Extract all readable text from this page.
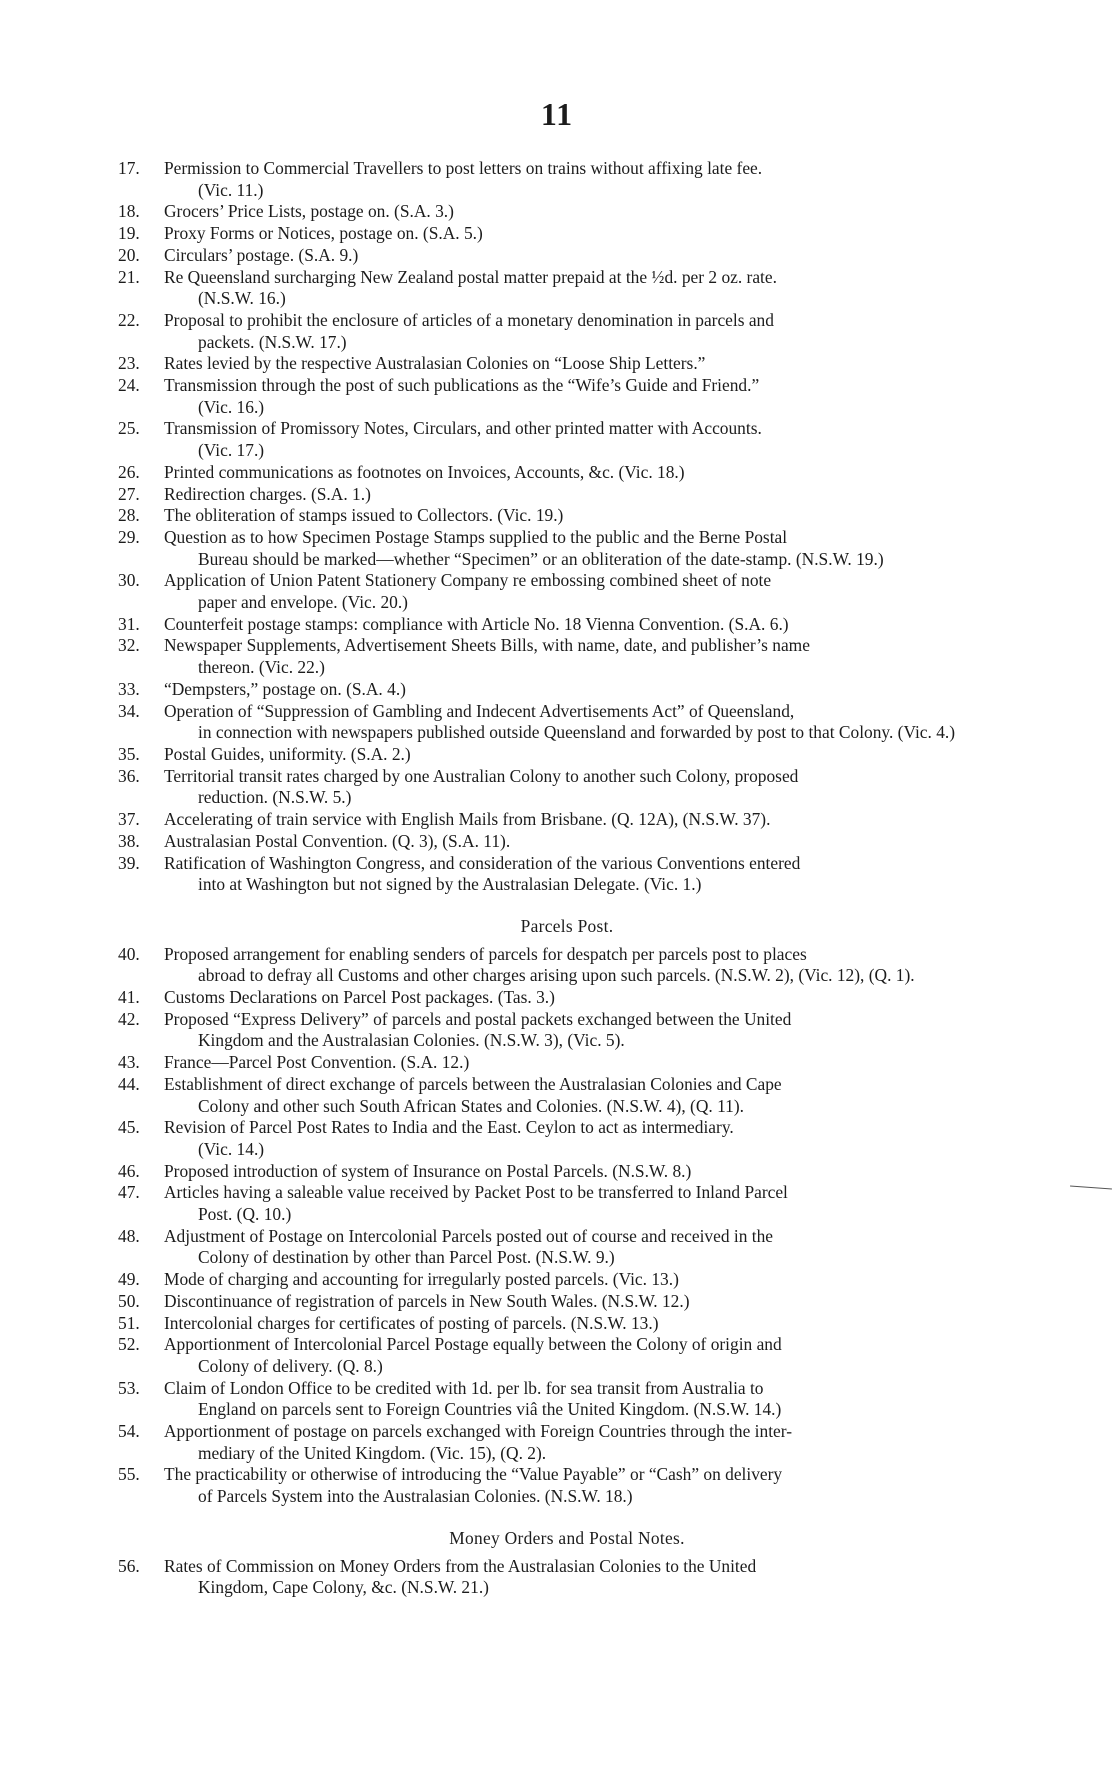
11
17.	Permission to Commercial Travellers to post letters on trains without affixing late fee.
(Vic. 11.)
18.	Grocers’ Price Lists, postage on. (S.A. 3.)
19.	Proxy Forms or Notices, postage on. (S.A. 5.)
20.	Circulars’ postage. (S.A. 9.)
21.	Re Queensland surcharging New Zealand postal matter prepaid at the ½d. per 2 oz. rate.
(N.S.W. 16.)
22.	Proposal to prohibit the enclosure of articles of a monetary denomination in parcels and
packets. (N.S.W. 17.)
23.	Rates levied by the respective Australasian Colonies on “Loose Ship Letters.”
24.	Transmission through the post of such publications as the “Wife’s Guide and Friend.”
(Vic. 16.)
25.	Transmission of Promissory Notes, Circulars, and other printed matter with Accounts.
(Vic. 17.)
26.	Printed communications as footnotes on Invoices, Accounts, &c. (Vic. 18.)
27.	Redirection charges. (S.A. 1.)
28.	The obliteration of stamps issued to Collectors. (Vic. 19.)
29.	Question as to how Specimen Postage Stamps supplied to the public and the Berne Postal
Bureau should be marked—whether “Specimen” or an obliteration of the date-stamp. (N.S.W. 19.)
30.	Application of Union Patent Stationery Company re embossing combined sheet of note
paper and envelope. (Vic. 20.)
31.	Counterfeit postage stamps: compliance with Article No. 18 Vienna Convention. (S.A. 6.)
32.	Newspaper Supplements, Advertisement Sheets Bills, with name, date, and publisher’s name
thereon. (Vic. 22.)
33.	“Dempsters,” postage on. (S.A. 4.)
34.	Operation of “Suppression of Gambling and Indecent Advertisements Act” of Queensland,
in connection with newspapers published outside Queensland and forwarded by post to that Colony. (Vic. 4.)
35.	Postal Guides, uniformity. (S.A. 2.)
36.	Territorial transit rates charged by one Australian Colony to another such Colony, proposed
reduction. (N.S.W. 5.)
37.	Accelerating of train service with English Mails from Brisbane. (Q. 12A), (N.S.W. 37).
38.	Australasian Postal Convention. (Q. 3), (S.A. 11).
39.	Ratification of Washington Congress, and consideration of the various Conventions entered
into at Washington but not signed by the Australasian Delegate. (Vic. 1.)
Parcels Post.
40.	Proposed arrangement for enabling senders of parcels for despatch per parcels post to places
abroad to defray all Customs and other charges arising upon such parcels. (N.S.W. 2), (Vic. 12), (Q. 1).
41.	Customs Declarations on Parcel Post packages. (Tas. 3.)
42.	Proposed “Express Delivery” of parcels and postal packets exchanged between the United
Kingdom and the Australasian Colonies. (N.S.W. 3), (Vic. 5).
43.	France—Parcel Post Convention. (S.A. 12.)
44.	Establishment of direct exchange of parcels between the Australasian Colonies and Cape
Colony and other such South African States and Colonies. (N.S.W. 4), (Q. 11).
45.	Revision of Parcel Post Rates to India and the East. Ceylon to act as intermediary.
(Vic. 14.)
46.	Proposed introduction of system of Insurance on Postal Parcels. (N.S.W. 8.)
47.	Articles having a saleable value received by Packet Post to be transferred to Inland Parcel
Post. (Q. 10.)
48.	Adjustment of Postage on Intercolonial Parcels posted out of course and received in the
Colony of destination by other than Parcel Post. (N.S.W. 9.)
49.	Mode of charging and accounting for irregularly posted parcels. (Vic. 13.)
50.	Discontinuance of registration of parcels in New South Wales. (N.S.W. 12.)
51.	Intercolonial charges for certificates of posting of parcels. (N.S.W. 13.)
52.	Apportionment of Intercolonial Parcel Postage equally between the Colony of origin and
Colony of delivery. (Q. 8.)
53.	Claim of London Office to be credited with 1d. per lb. for sea transit from Australia to
England on parcels sent to Foreign Countries viâ the United Kingdom. (N.S.W. 14.)
54.	Apportionment of postage on parcels exchanged with Foreign Countries through the inter-
mediary of the United Kingdom. (Vic. 15), (Q. 2).
55.	The practicability or otherwise of introducing the “Value Payable” or “Cash” on delivery
of Parcels System into the Australasian Colonies. (N.S.W. 18.)
Money Orders and Postal Notes.
56.	Rates of Commission on Money Orders from the Australasian Colonies to the United
Kingdom, Cape Colony, &c. (N.S.W. 21.)
